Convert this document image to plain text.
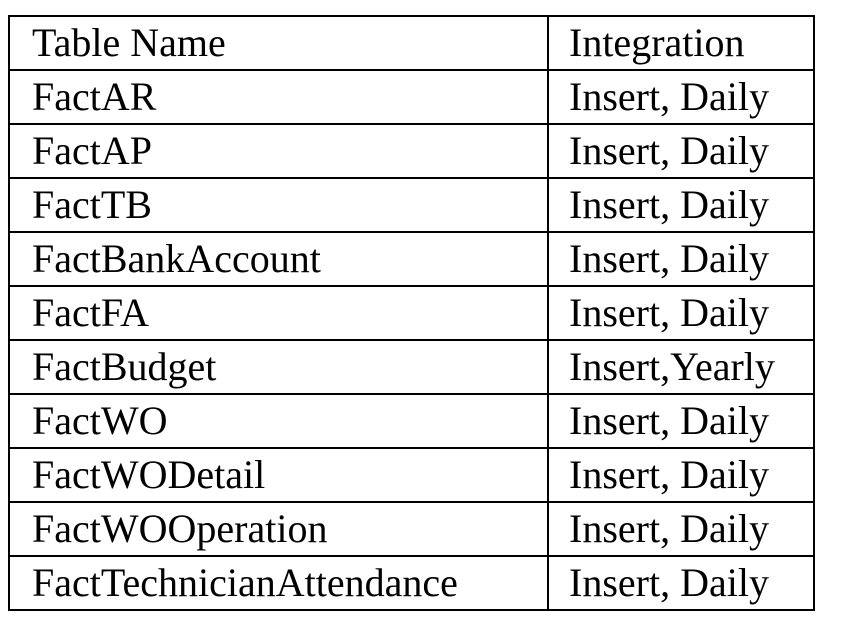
Table Name	Integration
FactAR	Insert, Daily
FactAP	Insert, Daily
FactTB	Insert, Daily
FactBankAccount	Insert, Daily
FactFA	Insert, Daily
FactBudget	Insert,Yearly
FactWO	Insert, Daily
FactWODetail	Insert, Daily
FactWOOperation	Insert, Daily
FactTechnicianAttendance	Insert, Daily
